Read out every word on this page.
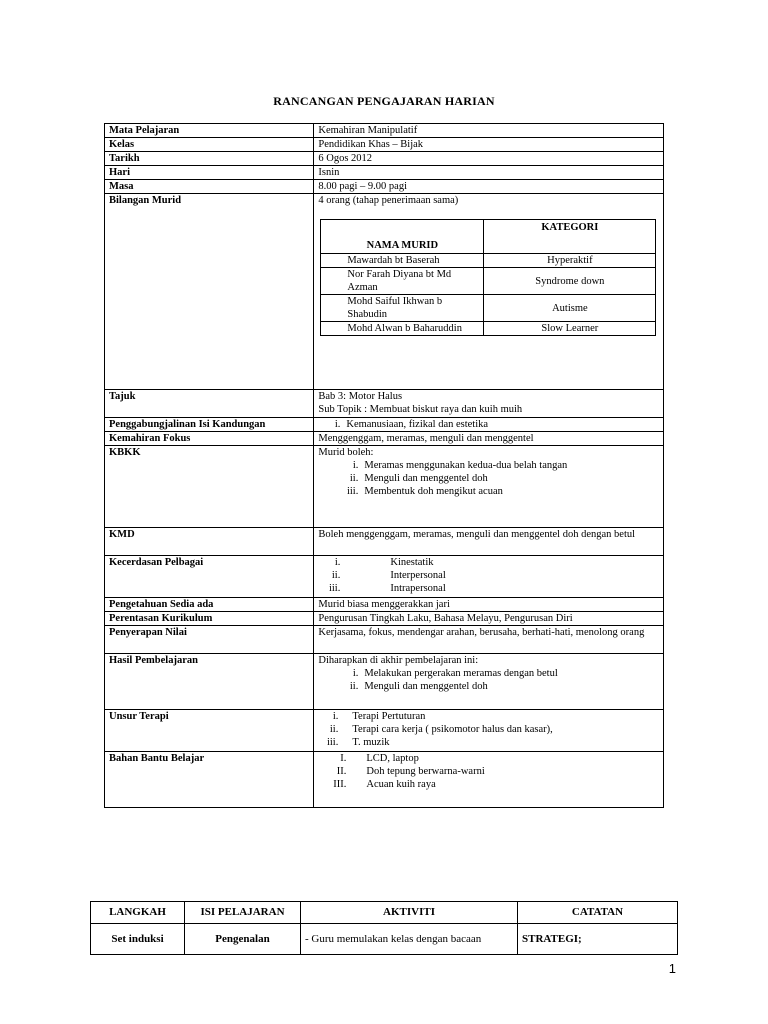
RANCANGAN PENGAJARAN HARIAN
Mata Pelajaran	Kemahiran Manipulatif
Kelas	Pendidikan Khas – Bijak
Tarikh	6 Ogos 2012
Hari	Isnin
Masa	8.00 pagi – 9.00 pagi
Bilangan Murid	4 orang (tahap penerimaan sama)
NAMA MURID	KATEGORI
Mawardah bt Baserah	Hyperaktif
Nor Farah Diyana bt Md Azman	Syndrome down
Mohd Saiful Ikhwan b Shabudin	Autisme
Mohd Alwan b Baharuddin	Slow Learner

Tajuk	Bab 3: Motor Halus
Sub Topik : Membuat biskut raya dan kuih muih

Penggabungjalinan Isi Kandungan	i. Kemanusiaan, fizikal dan estetika

Kemahiran Fokus	Menggenggam, meramas, menguli dan menggentel
KBKK	Murid boleh:
i. Meramas menggunakan kedua-dua belah tangan
ii. Menguli dan menggentel doh
iii. Membentuk doh mengikut acuan

KMD	Boleh menggenggam, meramas, menguli dan menggentel doh dengan betul
Kecerdasan Pelbagai	i.	Kinestatik
ii.	Interpersonal
iii.	Intrapersonal

Pengetahuan Sedia ada	Murid biasa menggerakkan jari
Perentasan Kurikulum	Pengurusan Tingkah Laku, Bahasa Melayu, Pengurusan Diri
Penyerapan Nilai	Kerjasama, fokus, mendengar arahan, berusaha, berhati-hati, menolong orang
Hasil Pembelajaran	Diharapkan di akhir pembelajaran ini:
i. Melakukan pergerakan meramas dengan betul
ii. Menguli dan menggentel doh

Unsur Terapi	i.	Terapi Pertuturan
ii.	Terapi cara kerja ( psikomotor halus dan kasar),
iii.	T. muzik

Bahan Bantu Belajar	I.	LCD, laptop
II.	Doh tepung berwarna-warni
III.	Acuan kuih raya
LANGKAH	ISI PELAJARAN	AKTIVITI	CATATAN
Set induksi	Pengenalan	- Guru memulakan kelas dengan bacaan	STRATEGI;
1
